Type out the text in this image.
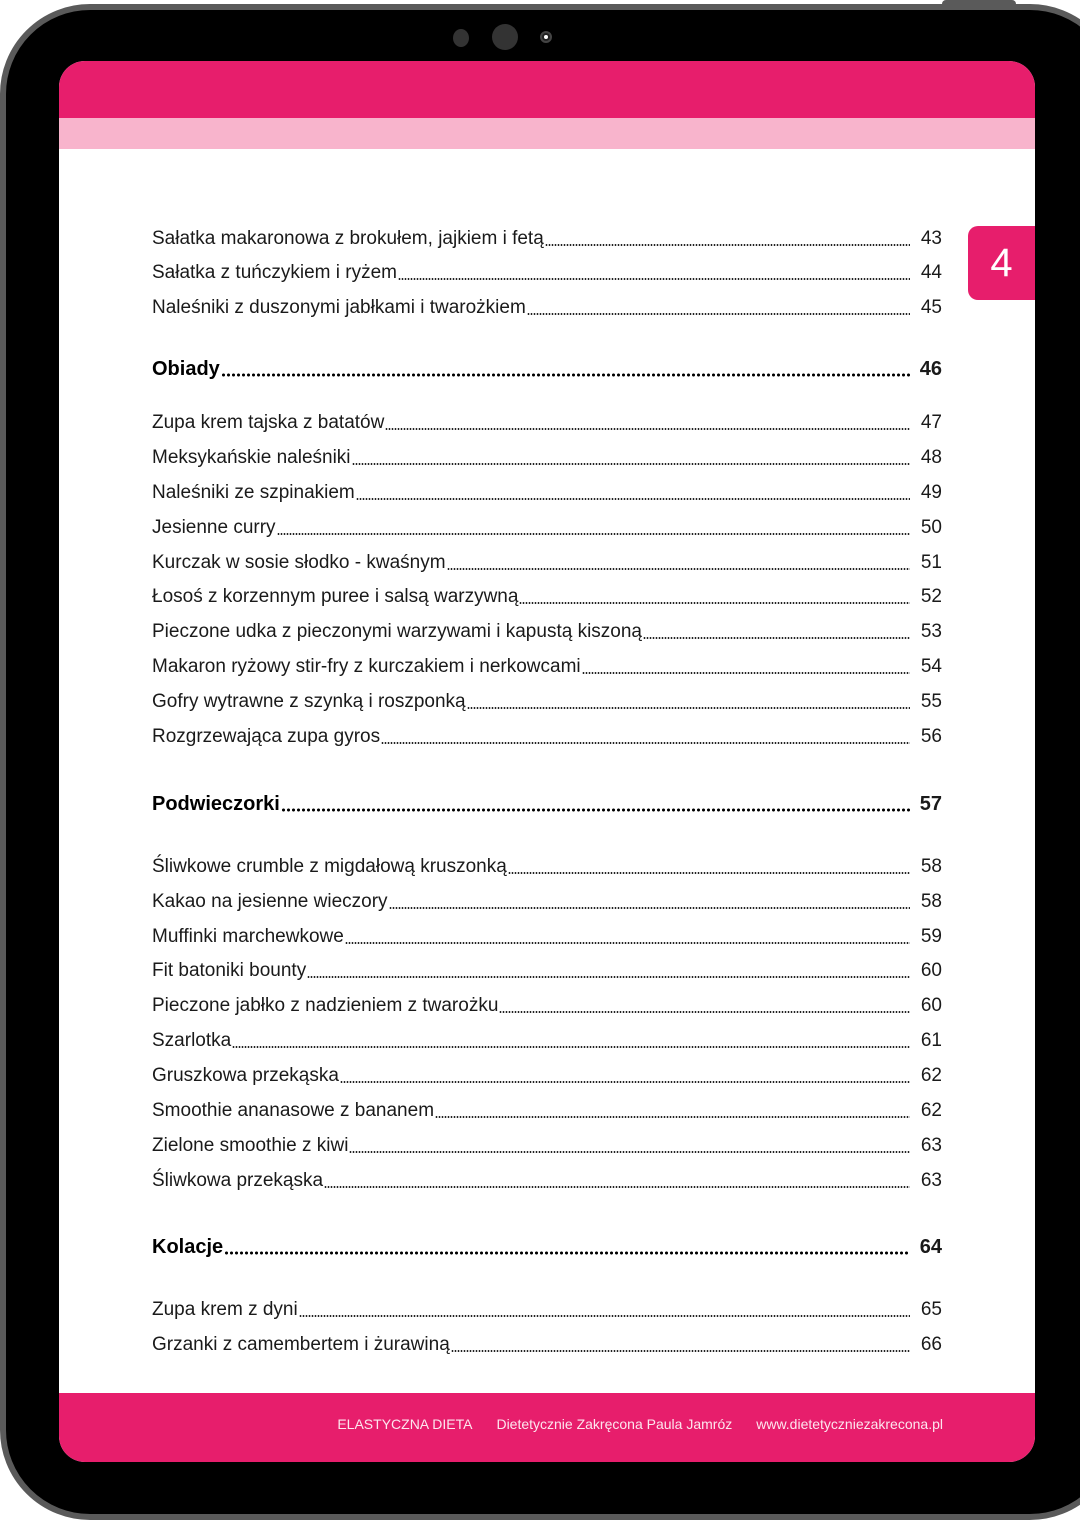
4
Sałatka makaronowa z brokułem, jajkiem i fetą	43
Sałatka z tuńczykiem i ryżem	44
Naleśniki z duszonymi jabłkami i twarożkiem	45
Obiady	46
Zupa krem tajska z batatów	47
Meksykańskie naleśniki	48
Naleśniki ze szpinakiem	49
Jesienne curry	50
Kurczak w sosie słodko - kwaśnym	51
Łosoś z korzennym puree i salsą warzywną	52
Pieczone udka z pieczonymi warzywami i kapustą kiszoną	53
Makaron ryżowy stir-fry z kurczakiem i nerkowcami	54
Gofry wytrawne z szynką i roszponką	55
Rozgrzewająca zupa gyros	56
Podwieczorki	57
Śliwkowe crumble z migdałową kruszonką	58
Kakao na jesienne wieczory	58
Muffinki marchewkowe	59
Fit batoniki bounty	60
Pieczone jabłko z nadzieniem z twarożku	60
Szarlotka	61
Gruszkowa przekąska	62
Smoothie ananasowe z bananem	62
Zielone smoothie z kiwi	63
Śliwkowa przekąska	63
Kolacje	64
Zupa krem z dyni	65
Grzanki z camembertem i żurawiną	66
ELASTYCZNA DIETA Dietetycznie Zakręcona Paula Jamróz www.dietetyczniezakrecona.pl
